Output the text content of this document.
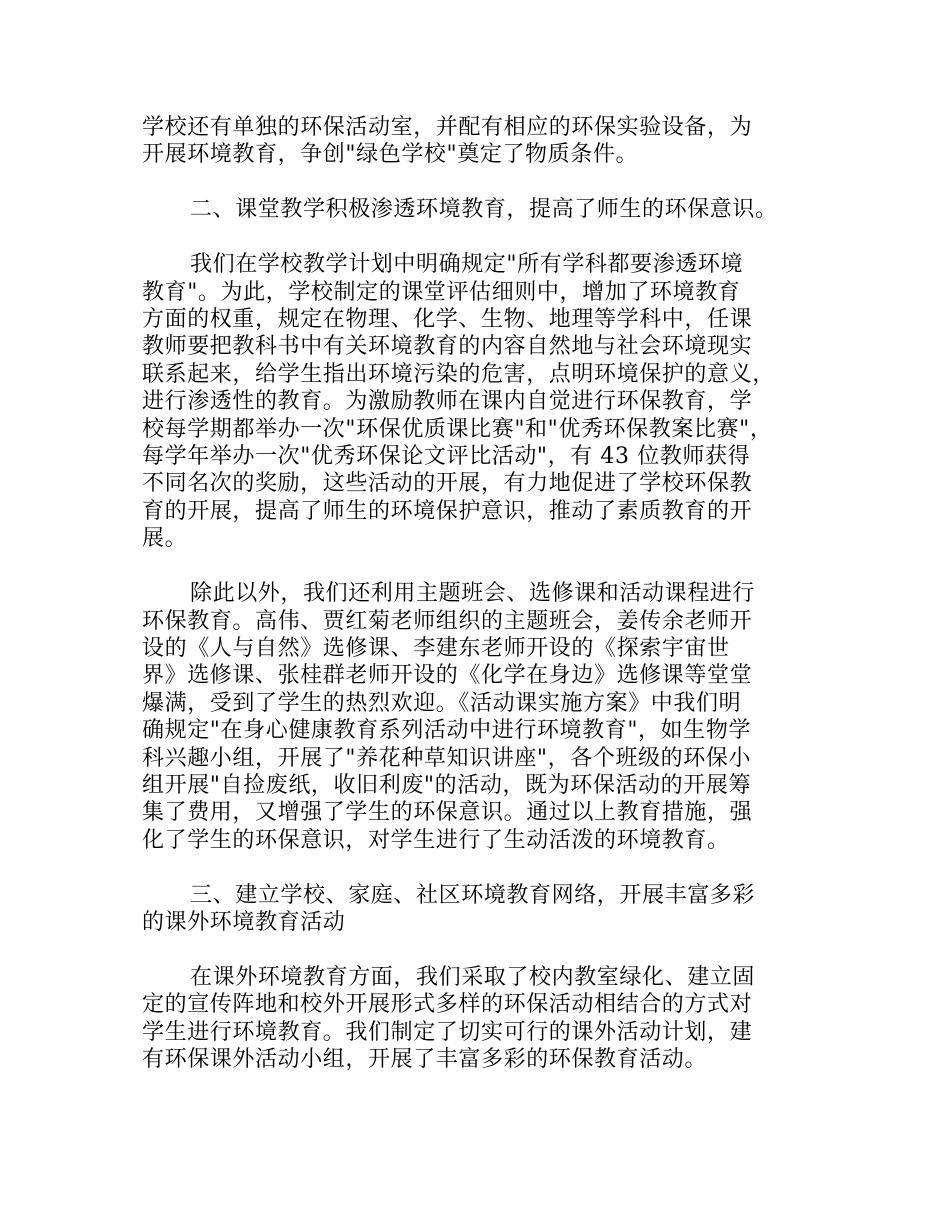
学校还有单独的环保活动室，并配有相应的环保实验设备，为
开展环境教育，争创"绿色学校"奠定了物质条件。

二、课堂教学积极渗透环境教育，提高了师生的环保意识。

我们在学校教学计划中明确规定"所有学科都要渗透环境
教育"。为此，学校制定的课堂评估细则中，增加了环境教育
方面的权重，规定在物理、化学、生物、地理等学科中，任课
教师要把教科书中有关环境教育的内容自然地与社会环境现实
联系起来，给学生指出环境污染的危害，点明环境保护的意义，
进行渗透性的教育。为激励教师在课内自觉进行环保教育，学
校每学期都举办一次"环保优质课比赛"和"优秀环保教案比赛"，
每学年举办一次"优秀环保论文评比活动"，有 43 位教师获得
不同名次的奖励，这些活动的开展，有力地促进了学校环保教
育的开展，提高了师生的环境保护意识，推动了素质教育的开
展。

除此以外，我们还利用主题班会、选修课和活动课程进行
环保教育。高伟、贾红菊老师组织的主题班会，姜传余老师开
设的《人与自然》选修课、李建东老师开设的《探索宇宙世
界》选修课、张桂群老师开设的《化学在身边》选修课等堂堂
爆满，受到了学生的热烈欢迎。《活动课实施方案》中我们明
确规定"在身心健康教育系列活动中进行环境教育"，如生物学
科兴趣小组，开展了"养花种草知识讲座"，各个班级的环保小
组开展"自捡废纸，收旧利废"的活动，既为环保活动的开展筹
集了费用，又增强了学生的环保意识。通过以上教育措施，强
化了学生的环保意识，对学生进行了生动活泼的环境教育。

三、建立学校、家庭、社区环境教育网络，开展丰富多彩
的课外环境教育活动

在课外环境教育方面，我们采取了校内教室绿化、建立固
定的宣传阵地和校外开展形式多样的环保活动相结合的方式对
学生进行环境教育。我们制定了切实可行的课外活动计划，建
有环保课外活动小组，开展了丰富多彩的环保教育活动。
